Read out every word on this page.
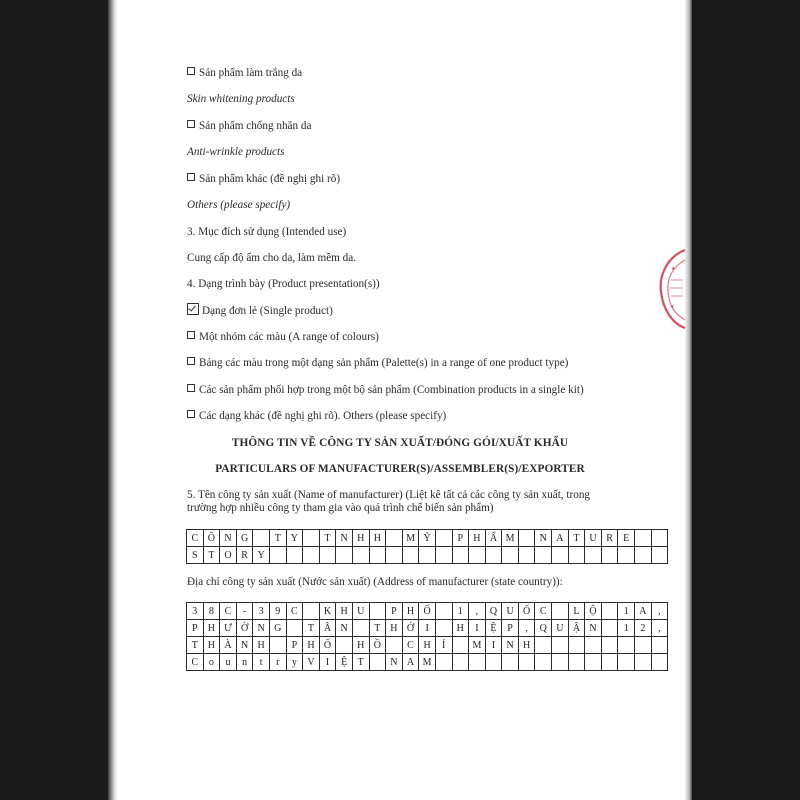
Sản phẩm làm trắng da
Skin whitening products
Sản phẩm chống nhăn da
Anti-wrinkle products
Sản phẩm khác (đề nghị ghi rõ)
Others (please specify)
3. Mục đích sử dụng (Intended use)
Cung cấp độ ẩm cho da, làm mềm da.
4. Dạng trình bày (Product presentation(s))
Dạng đơn lẻ (Single product)
Một nhóm các màu (A range of colours)
Bảng các màu trong một dạng sản phẩm (Palette(s) in a range of one product type)
Các sản phẩm phối hợp trong một bộ sản phẩm (Combination products in a single kit)
Các dạng khác (đề nghị ghi rõ). Others (please specify)
THÔNG TIN VỀ CÔNG TY SẢN XUẤT/ĐÓNG GÓI/XUẤT KHẨU
PARTICULARS OF MANUFACTURER(S)/ASSEMBLER(S)/EXPORTER
5. Tên công ty sản xuất (Name of manufacturer) (Liệt kê tất cả các công ty sản xuất, trong trường hợp nhiều công ty tham gia vào quá trình chế biến sản phẩm)
Địa chỉ công ty sản xuất (Nước sản xuất) (Address of manufacturer (state country)):
C	Ô	N	G		T	Y		T	N	H	H		M	Ỹ		P	H	Ẩ	M		N	A	T	U	R	E		
S	T	O	R	Y																								
3	8	C	-	3	9	C		K	H	U		P	H	Ố		1	,	Q	U	Ố	C		L	Ộ		1	A	,
P	H	Ư	Ờ	N	G		T	Â	N		T	H	Ớ	I		H	I	Ệ	P	,	Q	U	Ậ	N		1	2	,
T	H	À	N	H		P	H	Ố		H	Ồ		C	H	Í		M	I	N	H								
C	o	u	n	t	r	y	V	I	Ệ	T		N	A	M														
★
★
